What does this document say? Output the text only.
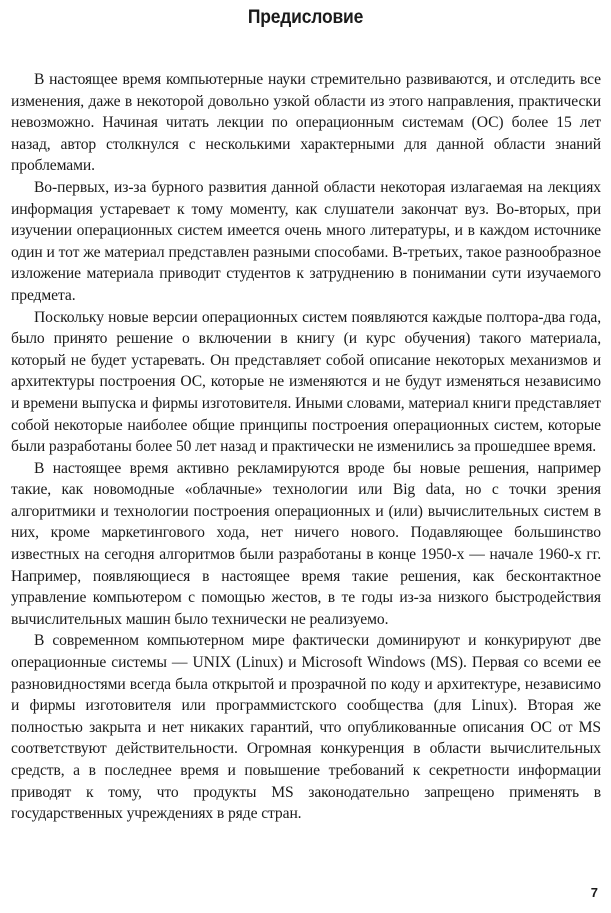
Предисловие

В настоящее время компьютерные науки стремительно развиваются, и отследить все изменения, даже в некоторой довольно узкой области из этого направления, практически невозможно. Начиная читать лекции по операционным системам (ОС) более 15 лет назад, автор столкнулся с несколькими характерными для данной области знаний проблемами.

Во-первых, из-за бурного развития данной области некоторая излагаемая на лекциях информация устаревает к тому моменту, как слушатели закончат вуз. Во-вторых, при изучении операционных систем имеется очень много литературы, и в каждом источнике один и тот же материал представлен разными способами. В-третьих, такое разнообразное изложение материала приводит студентов к затруднению в понимании сути изучаемого предмета.

Поскольку новые версии операционных систем появляются каждые полтора-два года, было принято решение о включении в книгу (и курс обучения) такого материала, который не будет устаревать. Он представляет собой описание некоторых механизмов и архитектуры построения ОС, которые не изменяются и не будут изменяться независимо и времени выпуска и фирмы изготовителя. Иными словами, материал книги представляет собой некоторые наиболее общие принципы построения операционных систем, которые были разработаны более 50 лет назад и практически не изменились за прошедшее время.

В настоящее время активно рекламируются вроде бы новые решения, например такие, как новомодные «облачные» технологии или Big data, но с точки зрения алгоритмики и технологии построения операционных и (или) вычислительных систем в них, кроме маркетингового хода, нет ничего нового. Подавляющее большинство известных на сегодня алгоритмов были разработаны в конце 1950-х — начале 1960-х гг. Например, появляющиеся в настоящее время такие решения, как бесконтактное управление компьютером с помощью жестов, в те годы из-за низкого быстродействия вычислительных машин было технически не реализуемо.

В современном компьютерном мире фактически доминируют и конкурируют две операционные системы — UNIX (Linux) и Microsoft Windows (MS). Первая со всеми ее разновидностями всегда была открытой и прозрачной по коду и архитектуре, независимо и фирмы изготовителя или программистского сообщества (для Linux). Вторая же полностью закрыта и нет никаких гарантий, что опубликованные описания ОС от MS соответствуют действительности. Огромная конкуренция в области вычислительных средств, а в последнее время и повышение требований к секретности информации приводят к тому, что продукты MS законодательно запрещено применять в государственных учреждениях в ряде стран.

7
